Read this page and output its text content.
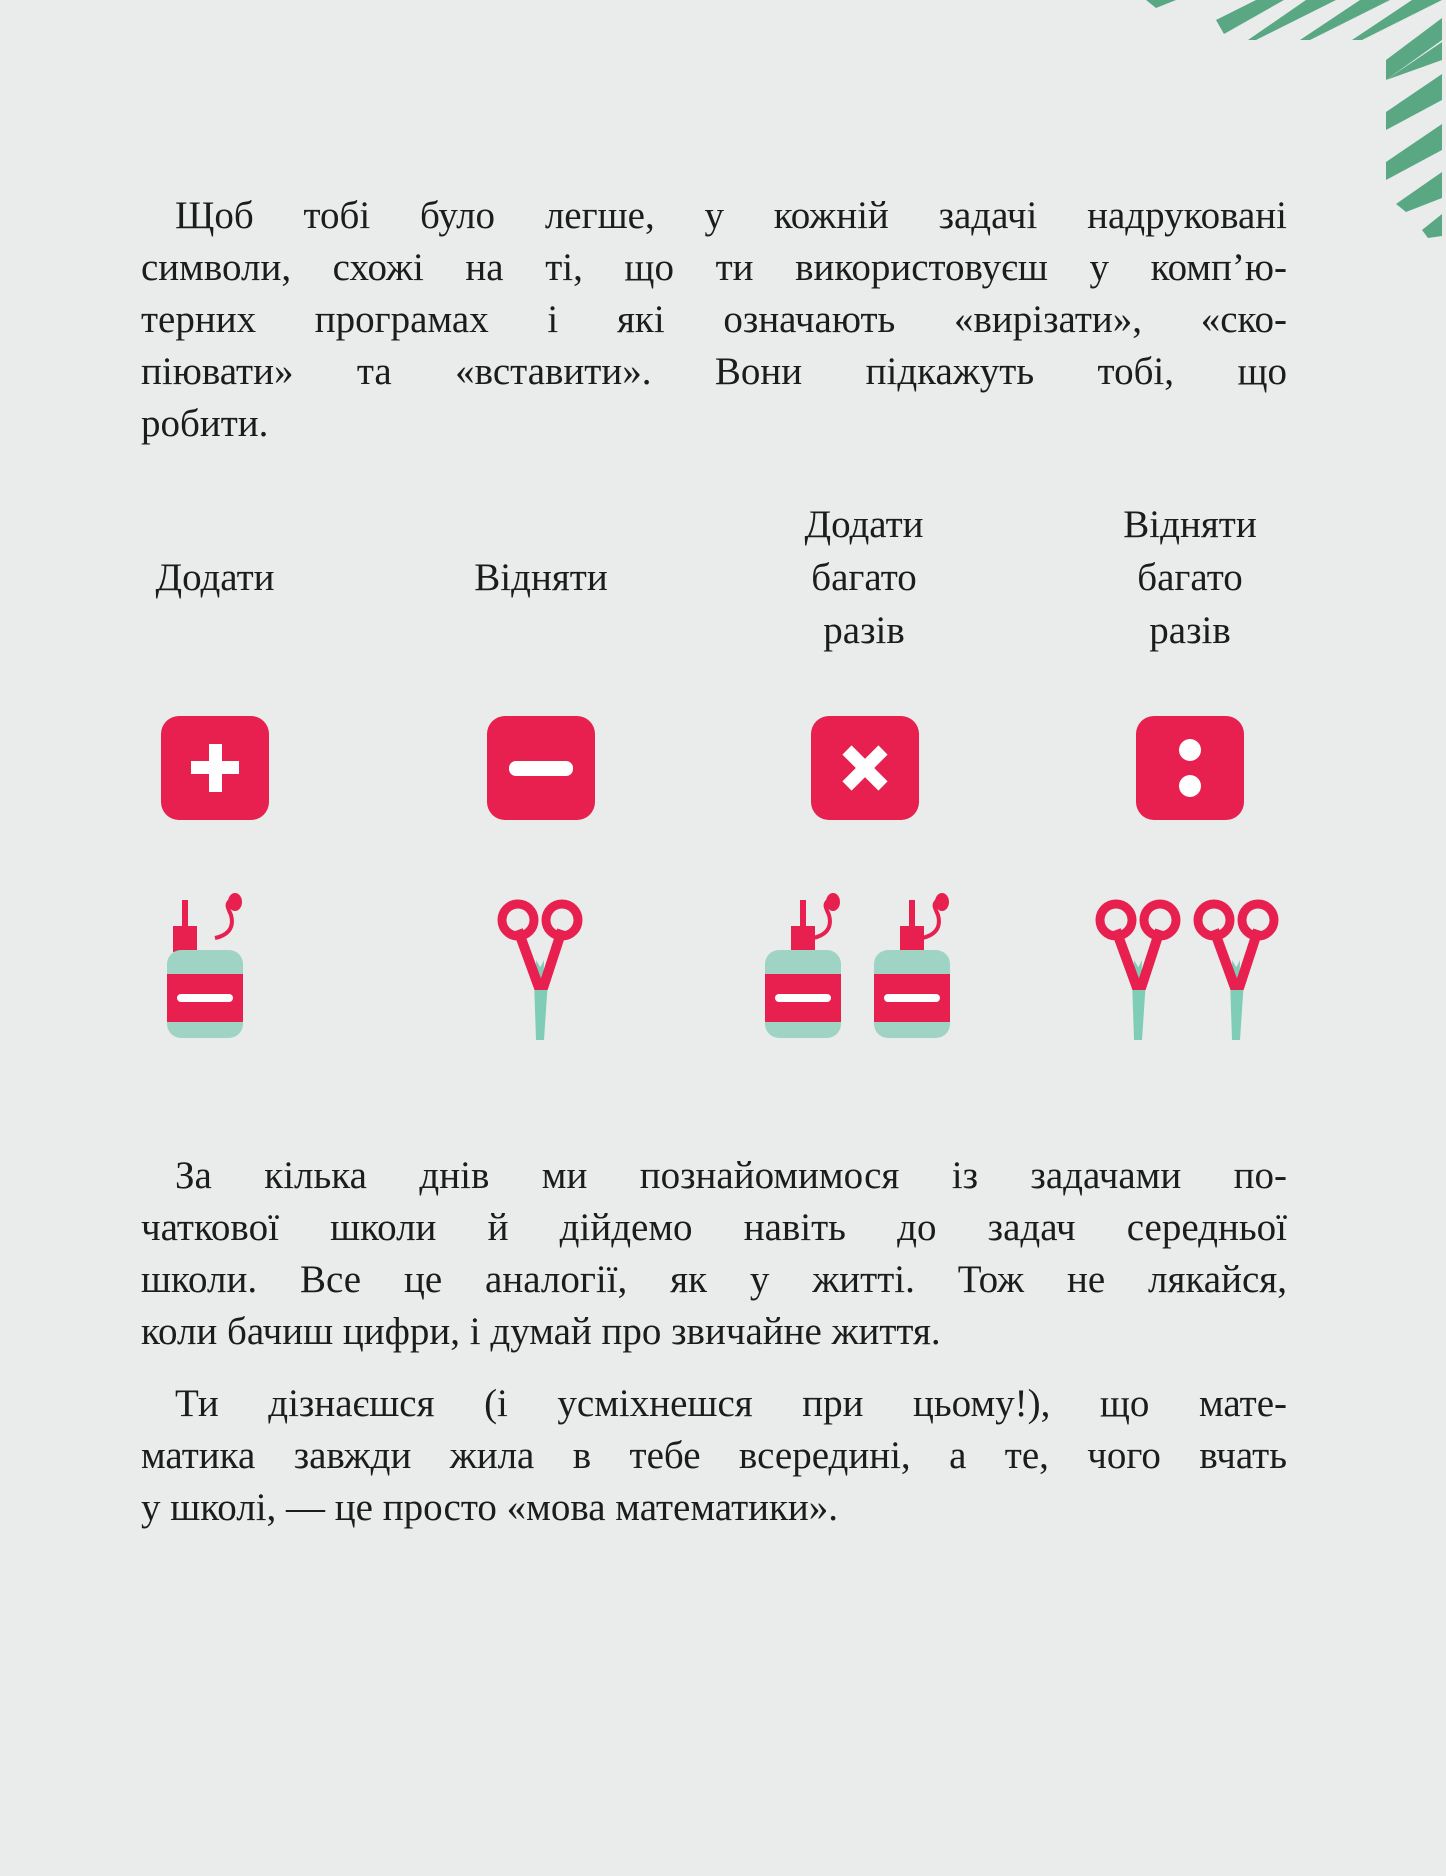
Щоб тобі було легше, у кожній задачі надруковані
символи, схожі на ті, що ти використовуєш у комп’ю-
терних програмах і які означають «вирізати», «ско-
піювати» та «вставити». Вони підкажуть тобі, що
робити.
Додати	Відняти
Додати
багато
разів
Відняти
багато
разів
За кілька днів ми познайомимося із задачами по-
чаткової школи й дійдемо навіть до задач середньої
школи. Все це аналогії, як у житті. Тож не лякайся,
коли бачиш цифри, і думай про звичайне життя.
Ти дізнаєшся (і усміхнешся при цьому!), що мате-
матика завжди жила в тебе всередині, а те, чого вчать
у школі, — це просто «мова математики».
